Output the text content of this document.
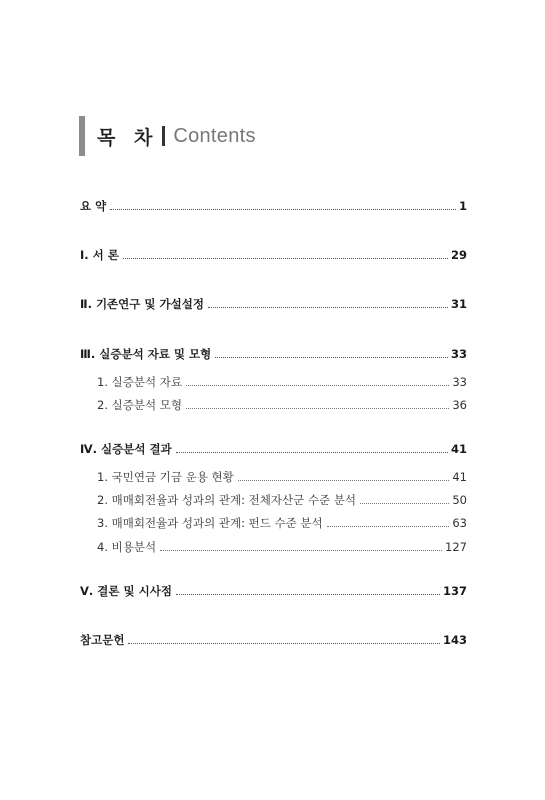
목 차 Contents
요 약	1
Ⅰ. 서 론	29
Ⅱ. 기존연구 및 가설설정	31
Ⅲ. 실증분석 자료 및 모형	33
1. 실증분석 자료	33
2. 실증분석 모형	36
Ⅳ. 실증분석 결과	41
1. 국민연금 기금 운용 현황	41
2. 매매회전율과 성과의 관계: 전체자산군 수준 분석	50
3. 매매회전율과 성과의 관계: 펀드 수준 분석	63
4. 비용분석	127
Ⅴ. 결론 및 시사점	137
참고문헌	143
